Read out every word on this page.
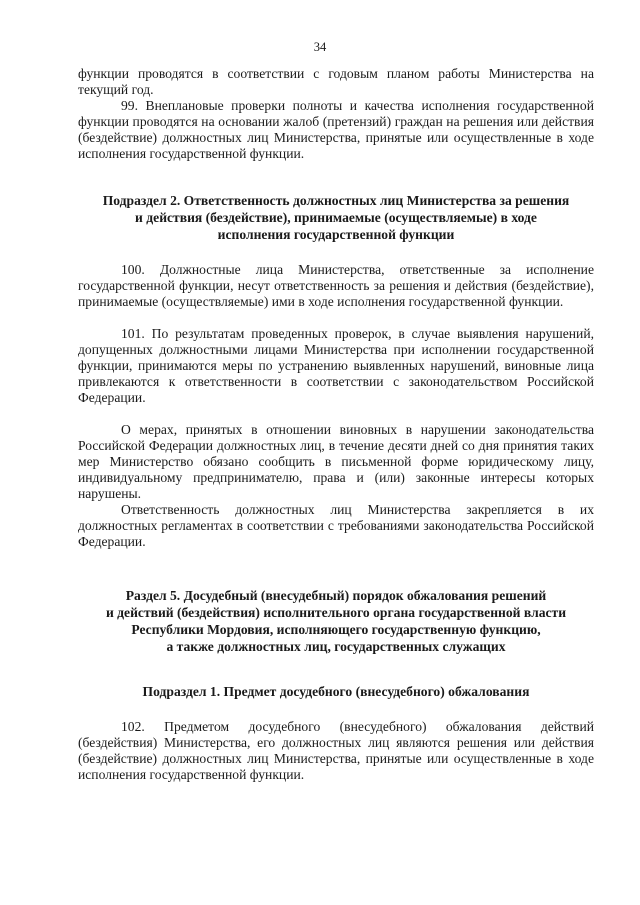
34

функции проводятся в соответствии с годовым планом работы Министерства на текущий год.

99. Внеплановые проверки полноты и качества исполнения государственной функции проводятся на основании жалоб (претензий) граждан на решения или действия (бездействие) должностных лиц Министерства, принятые или осуществленные в ходе исполнения государственной функции.

Подраздел 2. Ответственность должностных лиц Министерства за решения

и действия (бездействие), принимаемые (осуществляемые) в ходе

исполнения государственной функции

100. Должностные лица Министерства, ответственные за исполнение государственной функции, несут ответственность за решения и действия (бездействие), принимаемые (осуществляемые) ими в ходе исполнения государственной функции.

101. По результатам проведенных проверок, в случае выявления нарушений, допущенных должностными лицами Министерства при исполнении государственной функции, принимаются меры по устранению выявленных нарушений, виновные лица привлекаются к ответственности в соответствии с законодательством Российской Федерации.

О мерах, принятых в отношении виновных в нарушении законодательства Российской Федерации должностных лиц, в течение десяти дней со дня принятия таких мер Министерство обязано сообщить в письменной форме юридическому лицу, индивидуальному предпринимателю, права и (или) законные интересы которых нарушены.

Ответственность должностных лиц Министерства закрепляется в их должностных регламентах в соответствии с требованиями законодательства Российской Федерации.

Раздел 5. Досудебный (внесудебный) порядок обжалования решений

и действий (бездействия) исполнительного органа государственной власти

Республики Мордовия, исполняющего государственную функцию,

а также должностных лиц, государственных служащих

Подраздел 1. Предмет досудебного (внесудебного) обжалования

102. Предметом досудебного (внесудебного) обжалования действий (бездействия) Министерства, его должностных лиц являются решения или действия (бездействие) должностных лиц Министерства, принятые или осуществленные в ходе исполнения государственной функции.
